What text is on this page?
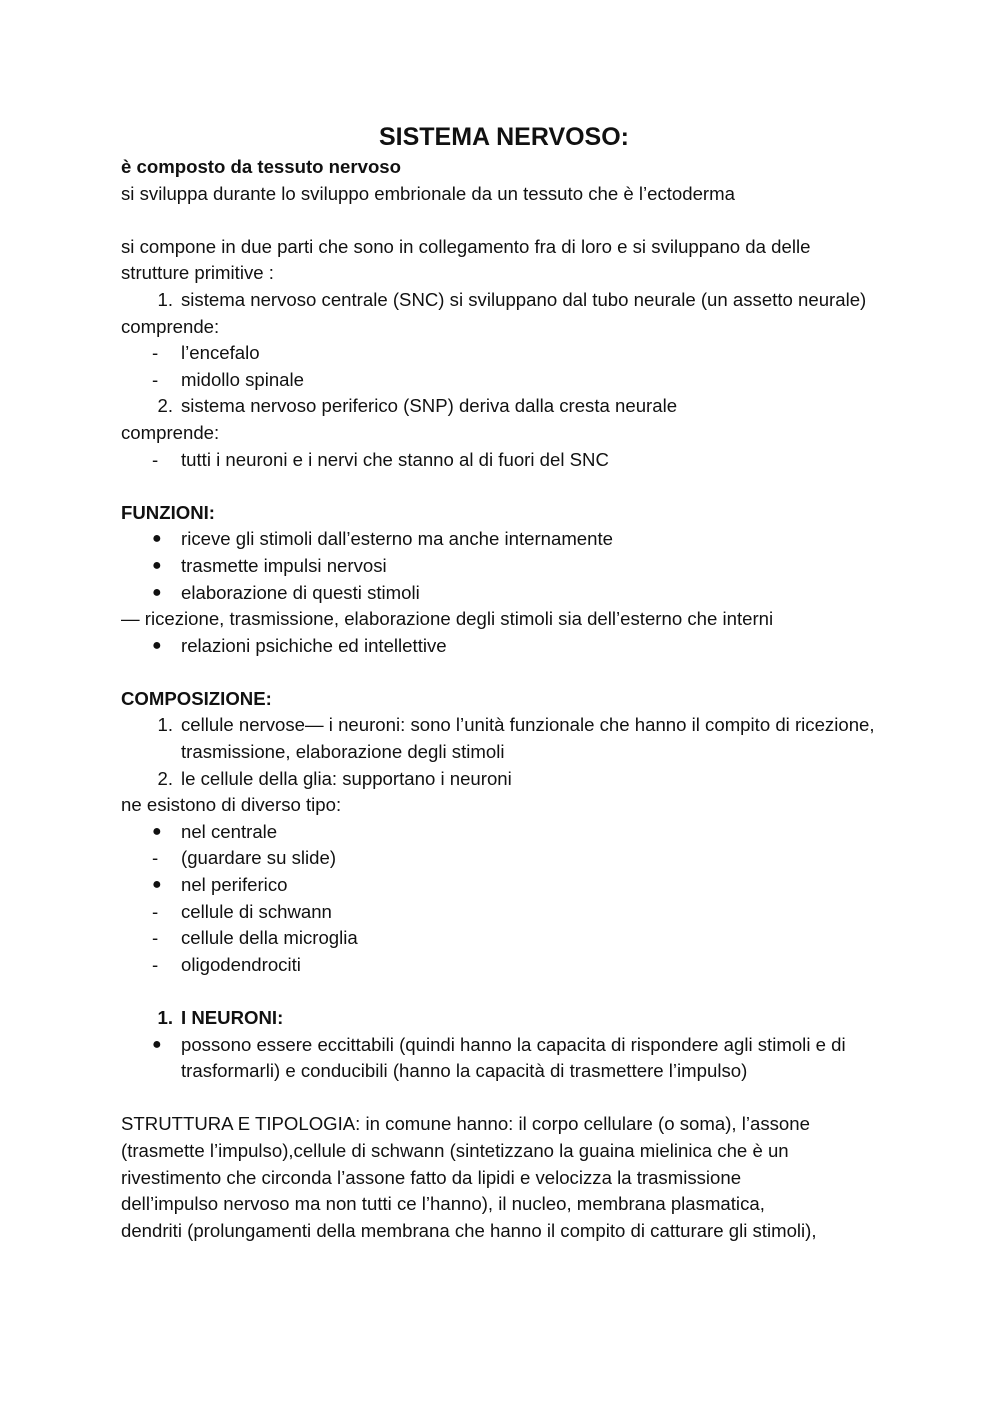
SISTEMA NERVOSO:

è composto da tessuto nervoso

si sviluppa durante lo sviluppo embrionale da un tessuto che è l’ectoderma

si compone in due parti che sono in collegamento fra di loro e si sviluppano da delle strutture primitive :

1. sistema nervoso centrale (SNC) si sviluppano dal tubo neurale (un assetto neurale)

comprende:

-	l’encefalo
-	midollo spinale
2. sistema nervoso periferico (SNP) deriva dalla cresta neurale

comprende:

-	tutti i neuroni e i nervi che stanno al di fuori del SNC

FUNZIONI:

●	riceve gli stimoli dall’esterno ma anche internamente
●	trasmette impulsi nervosi
●	elaborazione di questi stimoli

— ricezione, trasmissione, elaborazione degli stimoli sia dell’esterno che interni

●	relazioni psichiche ed intellettive

COMPOSIZIONE:

1. cellule nervose— i neuroni: sono l’unità funzionale che hanno il compito di ricezione, trasmissione, elaborazione degli stimoli
2. le cellule della glia: supportano i neuroni

ne esistono di diverso tipo:

●	nel centrale
-	(guardare su slide)
●	nel periferico
-	cellule di schwann
-	cellule della microglia
-	oligodendrociti
1. I NEURONI:
●	possono essere eccittabili (quindi hanno la capacita di rispondere agli stimoli e di trasformarli) e conducibili (hanno la capacità di trasmettere l’impulso)

STRUTTURA E TIPOLOGIA: in comune hanno: il corpo cellulare (o soma), l’assone

(trasmette l’impulso),cellule di schwann (sintetizzano la guaina mielinica che è un

rivestimento che circonda l’assone fatto da lipidi e velocizza la trasmissione

dell’impulso nervoso ma non tutti ce l’hanno), il nucleo, membrana plasmatica,

dendriti (prolungamenti della membrana che hanno il compito di catturare gli stimoli),
